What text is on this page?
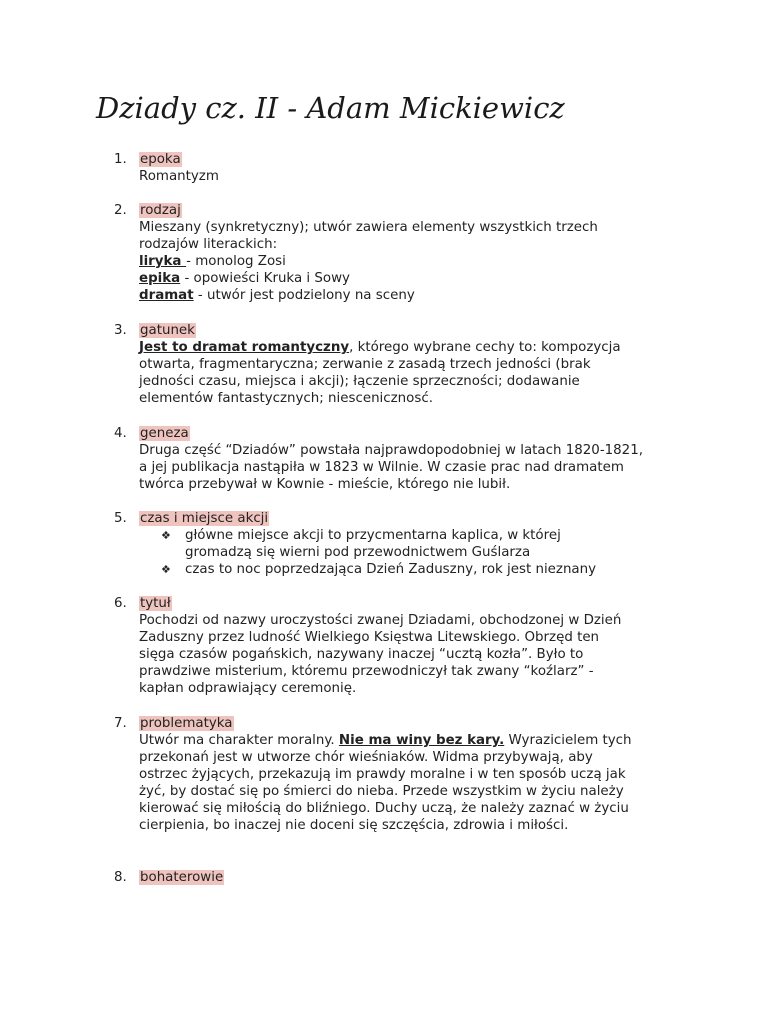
Dziady cz. II - Adam Mickiewicz
1. epoka
Romantyzm
2. rodzaj
Mieszany (synkretyczny); utwór zawiera elementy wszystkich trzech
rodzajów literackich:
liryka - monolog Zosi
epika - opowieści Kruka i Sowy
dramat - utwór jest podzielony na sceny
3. gatunek
Jest to dramat romantyczny, którego wybrane cechy to: kompozycja
otwarta, fragmentaryczna; zerwanie z zasadą trzech jedności (brak
jedności czasu, miejsca i akcji); łączenie sprzeczności; dodawanie
elementów fantastycznych; niescenicznosć.
4. geneza
Druga część “Dziadów” powstała najprawdopodobniej w latach 1820-1821,
a jej publikacja nastąpiła w 1823 w Wilnie. W czasie prac nad dramatem
twórca przebywał w Kownie - mieście, którego nie lubił.
5. czas i miejsce akcji
❖ główne miejsce akcji to przycmentarna kaplica, w której
gromadzą się wierni pod przewodnictwem Guślarza
❖ czas to noc poprzedzająca Dzień Zaduszny, rok jest nieznany
6. tytuł
Pochodzi od nazwy uroczystości zwanej Dziadami, obchodzonej w Dzień
Zaduszny przez ludność Wielkiego Księstwa Litewskiego. Obrzęd ten
sięga czasów pogańskich, nazywany inaczej “ucztą kozła”. Było to
prawdziwe misterium, któremu przewodniczył tak zwany “koźlarz” -
kapłan odprawiający ceremonię.
7. problematyka
Utwór ma charakter moralny. Nie ma winy bez kary. Wyrazicielem tych
przekonań jest w utworze chór wieśniaków. Widma przybywają, aby
ostrzec żyjących, przekazują im prawdy moralne i w ten sposób uczą jak
żyć, by dostać się po śmierci do nieba. Przede wszystkim w życiu należy
kierować się miłością do bliźniego. Duchy uczą, że należy zaznać w życiu
cierpienia, bo inaczej nie doceni się szczęścia, zdrowia i miłości.
8. bohaterowie
